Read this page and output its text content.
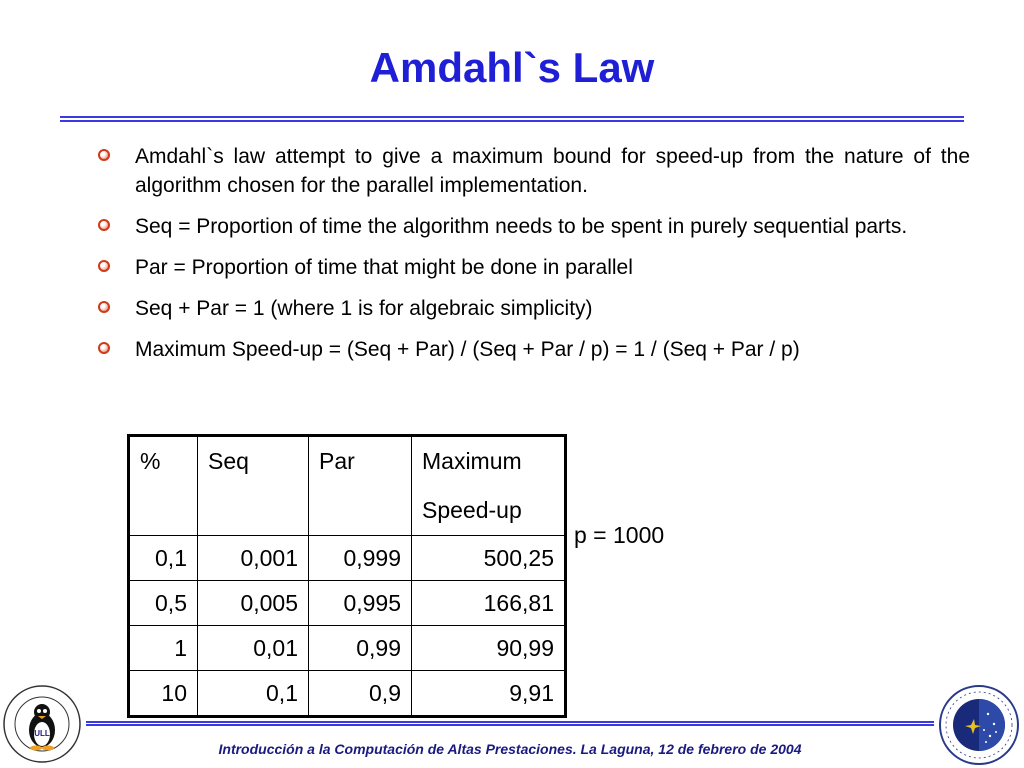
Amdahl`s Law
Amdahl`s law attempt to give a maximum bound for speed-up from the nature of the algorithm chosen for the parallel implementation.
Seq = Proportion of time the algorithm needs to be spent in purely sequential parts.
Par = Proportion of time that might be done in parallel
Seq + Par = 1 (where 1 is for algebraic simplicity)
Maximum Speed-up = (Seq + Par) / (Seq + Par / p) = 1 / (Seq + Par / p)
%	Seq	Par	Maximum
Speed-up
0,1	0,001	0,999	500,25
0,5	0,005	0,995	166,81
1	0,01	0,99	90,99
10	0,1	0,9	9,91
p = 1000
ULL
Introducción a la Computación de Altas Prestaciones. La Laguna, 12 de febrero de 2004
